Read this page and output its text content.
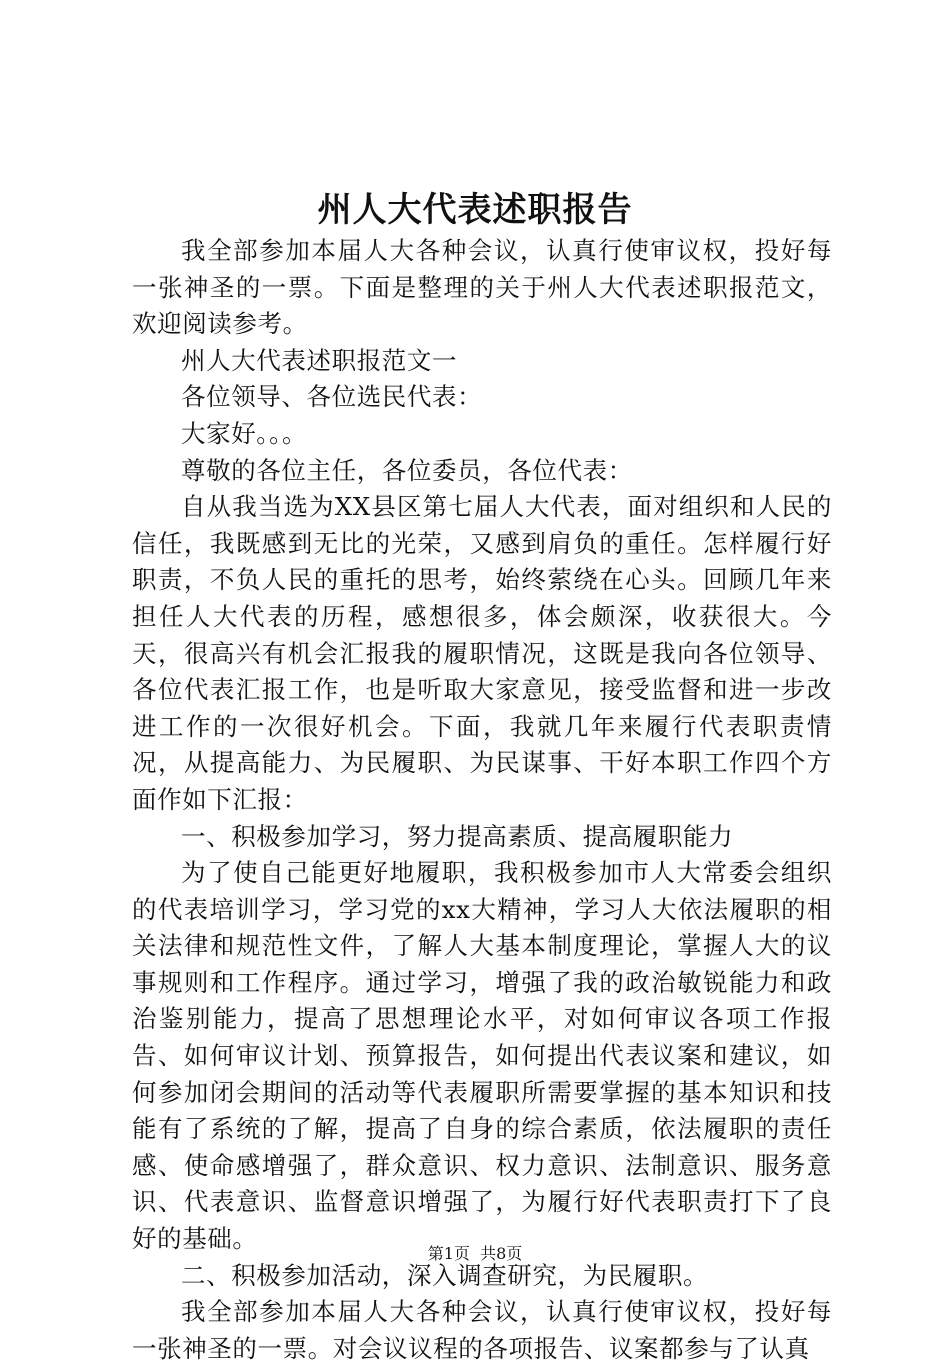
州人大代表述职报告

我全部参加本届人大各种会议，认真行使审议权，投好每一张神圣的一票。下面是整理的关于州人大代表述职报范文，欢迎阅读参考。

州人大代表述职报范文一

各位领导、各位选民代表：

大家好。。。

尊敬的各位主任，各位委员，各位代表：

自从我当选为XX县区第七届人大代表，面对组织和人民的信任，我既感到无比的光荣，又感到肩负的重任。怎样履行好职责，不负人民的重托的思考，始终萦绕在心头。回顾几年来担任人大代表的历程，感想很多，体会颇深，收获很大。今天，很高兴有机会汇报我的履职情况，这既是我向各位领导、各位代表汇报工作，也是听取大家意见，接受监督和进一步改进工作的一次很好机会。下面，我就几年来履行代表职责情况，从提高能力、为民履职、为民谋事、干好本职工作四个方面作如下汇报：

一、积极参加学习，努力提高素质、提高履职能力

为了使自己能更好地履职，我积极参加市人大常委会组织的代表培训学习，学习党的xx大精神，学习人大依法履职的相关法律和规范性文件，了解人大基本制度理论，掌握人大的议事规则和工作程序。通过学习，增强了我的政治敏锐能力和政治鉴别能力，提高了思想理论水平，对如何审议各项工作报告、如何审议计划、预算报告，如何提出代表议案和建议，如何参加闭会期间的活动等代表履职所需要掌握的基本知识和技能有了系统的了解，提高了自身的综合素质，依法履职的责任感、使命感增强了，群众意识、权力意识、法制意识、服务意识、代表意识、监督意识增强了，为履行好代表职责打下了良好的基础。

二、积极参加活动，深入调查研究，为民履职。

我全部参加本届人大各种会议，认真行使审议权，投好每一张神圣的一票。对会议议程的各项报告、议案都参与了认真

第1页 共8页
